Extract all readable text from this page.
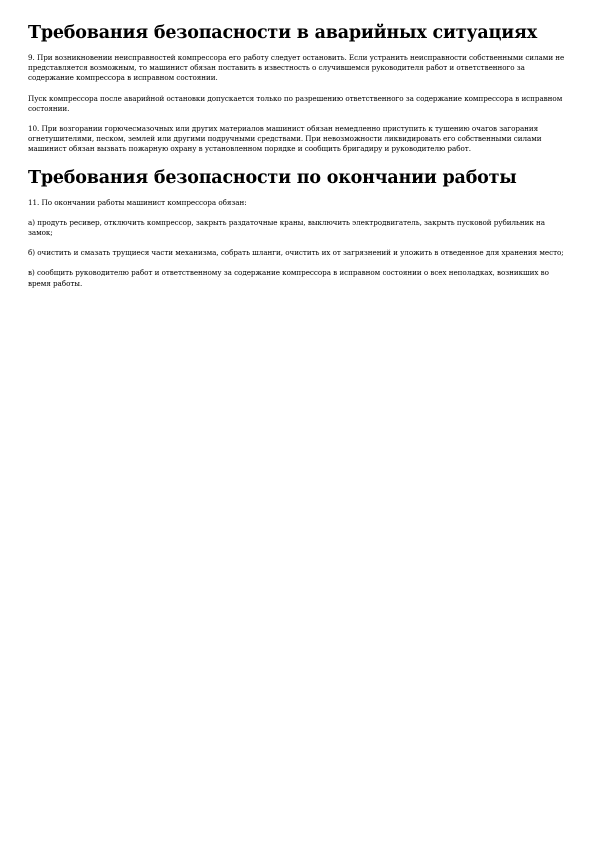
Требования безопасности в аварийных ситуациях

9. При возникновении неисправностей компрессора его работу следует остановить. Если устранить неисправности собственными силами не представляется возможным, то машинист обязан поставить в известность о случившемся руководителя работ и ответственного за содержание компрессора в исправном состоянии.

Пуск компрессора после аварийной остановки допускается только по разрешению ответственного за содержание компрессора в исправном состоянии.

10. При возгорании горючесмазочных или других материалов машинист обязан немедленно приступить к тушению очагов загорания огнетушителями, песком, землей или другими подручными средствами. При невозможности ликвидировать его собственными силами машинист обязан вызвать пожарную охрану в установленном порядке и сообщить бригадиру и руководителю работ.

Требования безопасности по окончании работы

11. По окончании работы машинист компрессора обязан:

а) продуть ресивер, отключить компрессор, закрыть раздаточные краны, выключить электродвигатель, закрыть пусковой рубильник на замок;

б) очистить и смазать трущиеся части механизма, собрать шланги, очистить их от загрязнений и уложить в отведенное для хранения место;

в) сообщить руководителю работ и ответственному за содержание компрессора в исправном состоянии о всех неполадках, возникших во время работы.
